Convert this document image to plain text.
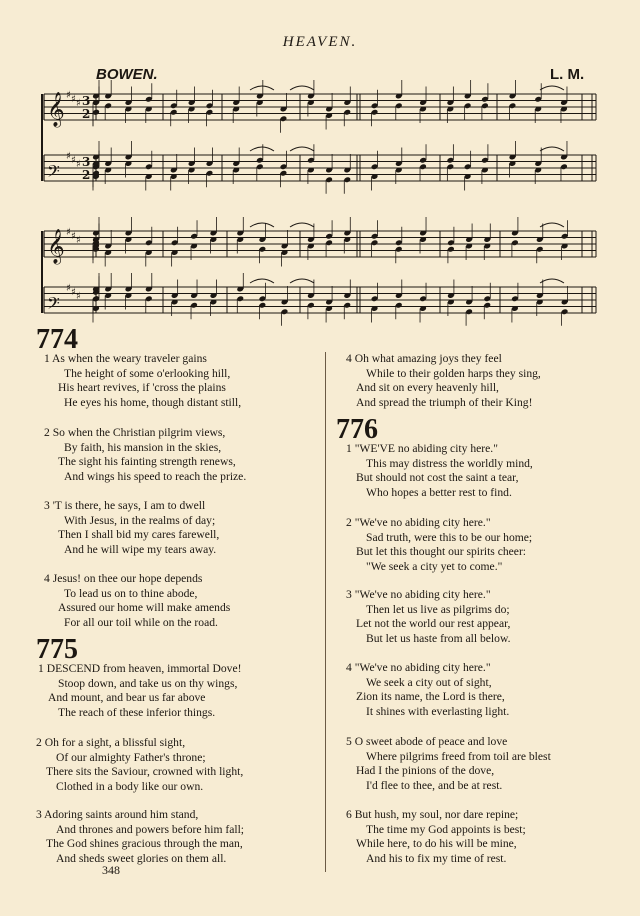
HEAVEN.
BOWEN.	L. M.
𝄞 ♯ ♯ ♯ 3
2
𝄢
♯ ♯ ♯ 3
2
𝄞 ♯ ♯ ♯
𝄢
♯ ♯ ♯
774
1 As when the weary traveler gains
The height of some o'erlooking hill,
His heart revives, if 'cross the plains
He eyes his home, though distant still,
2 So when the Christian pilgrim views,
By faith, his mansion in the skies,
The sight his fainting strength renews,
And wings his speed to reach the prize.
3 'T is there, he says, I am to dwell
With Jesus, in the realms of day;
Then I shall bid my cares farewell,
And he will wipe my tears away.
4 Jesus! on thee our hope depends
To lead us on to thine abode,
Assured our home will make amends
For all our toil while on the road.
775
1 DESCEND from heaven, immortal Dove!
Stoop down, and take us on thy wings,
And mount, and bear us far above
The reach of these inferior things.
2 Oh for a sight, a blissful sight,
Of our almighty Father's throne;
There sits the Saviour, crowned with light,
Clothed in a body like our own.
3 Adoring saints around him stand,
And thrones and powers before him fall;
The God shines gracious through the man,
And sheds sweet glories on them all.
348
4 Oh what amazing joys they feel
While to their golden harps they sing,
And sit on every heavenly hill,
And spread the triumph of their King!
776
1 "WE'VE no abiding city here."
This may distress the worldly mind,
But should not cost the saint a tear,
Who hopes a better rest to find.
2 "We've no abiding city here."
Sad truth, were this to be our home;
But let this thought our spirits cheer:
"We seek a city yet to come."
3 "We've no abiding city here."
Then let us live as pilgrims do;
Let not the world our rest appear,
But let us haste from all below.
4 "We've no abiding city here."
We seek a city out of sight,
Zion its name, the Lord is there,
It shines with everlasting light.
5 O sweet abode of peace and love
Where pilgrims freed from toil are blest
Had I the pinions of the dove,
I'd flee to thee, and be at rest.
6 But hush, my soul, nor dare repine;
The time my God appoints is best;
While here, to do his will be mine,
And his to fix my time of rest.
